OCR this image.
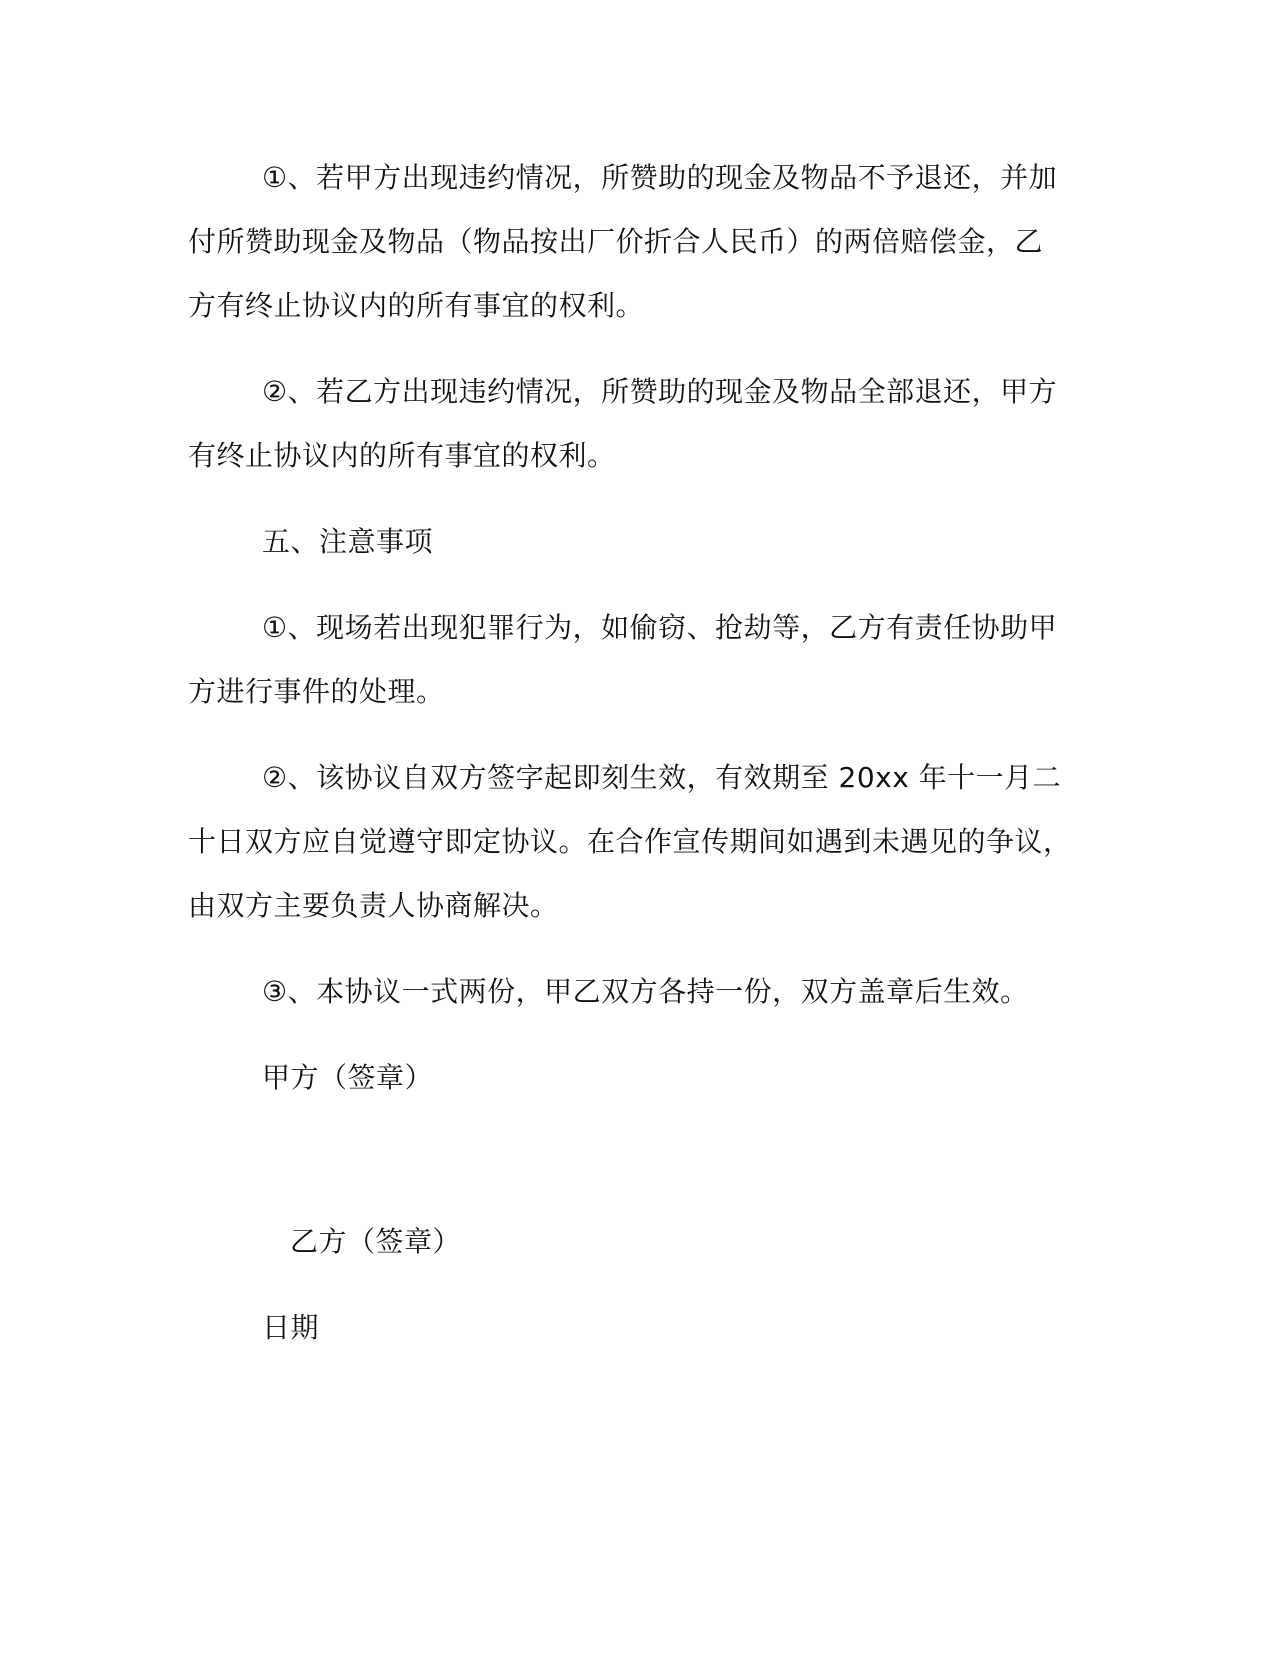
①、若甲方出现违约情况，所赞助的现金及物品不予退还，并加
付所赞助现金及物品（物品按出厂价折合人民币）的两倍赔偿金，乙
方有终止协议内的所有事宜的权利。
②、若乙方出现违约情况，所赞助的现金及物品全部退还，甲方
有终止协议内的所有事宜的权利。
五、注意事项
①、现场若出现犯罪行为，如偷窃、抢劫等，乙方有责任协助甲
方进行事件的处理。
②、该协议自双方签字起即刻生效，有效期至 20xx 年十一月二
十日双方应自觉遵守即定协议。在合作宣传期间如遇到未遇见的争议，
由双方主要负责人协商解决。
③、本协议一式两份，甲乙双方各持一份，双方盖章后生效。
甲方（签章）
乙方（签章）
日期
